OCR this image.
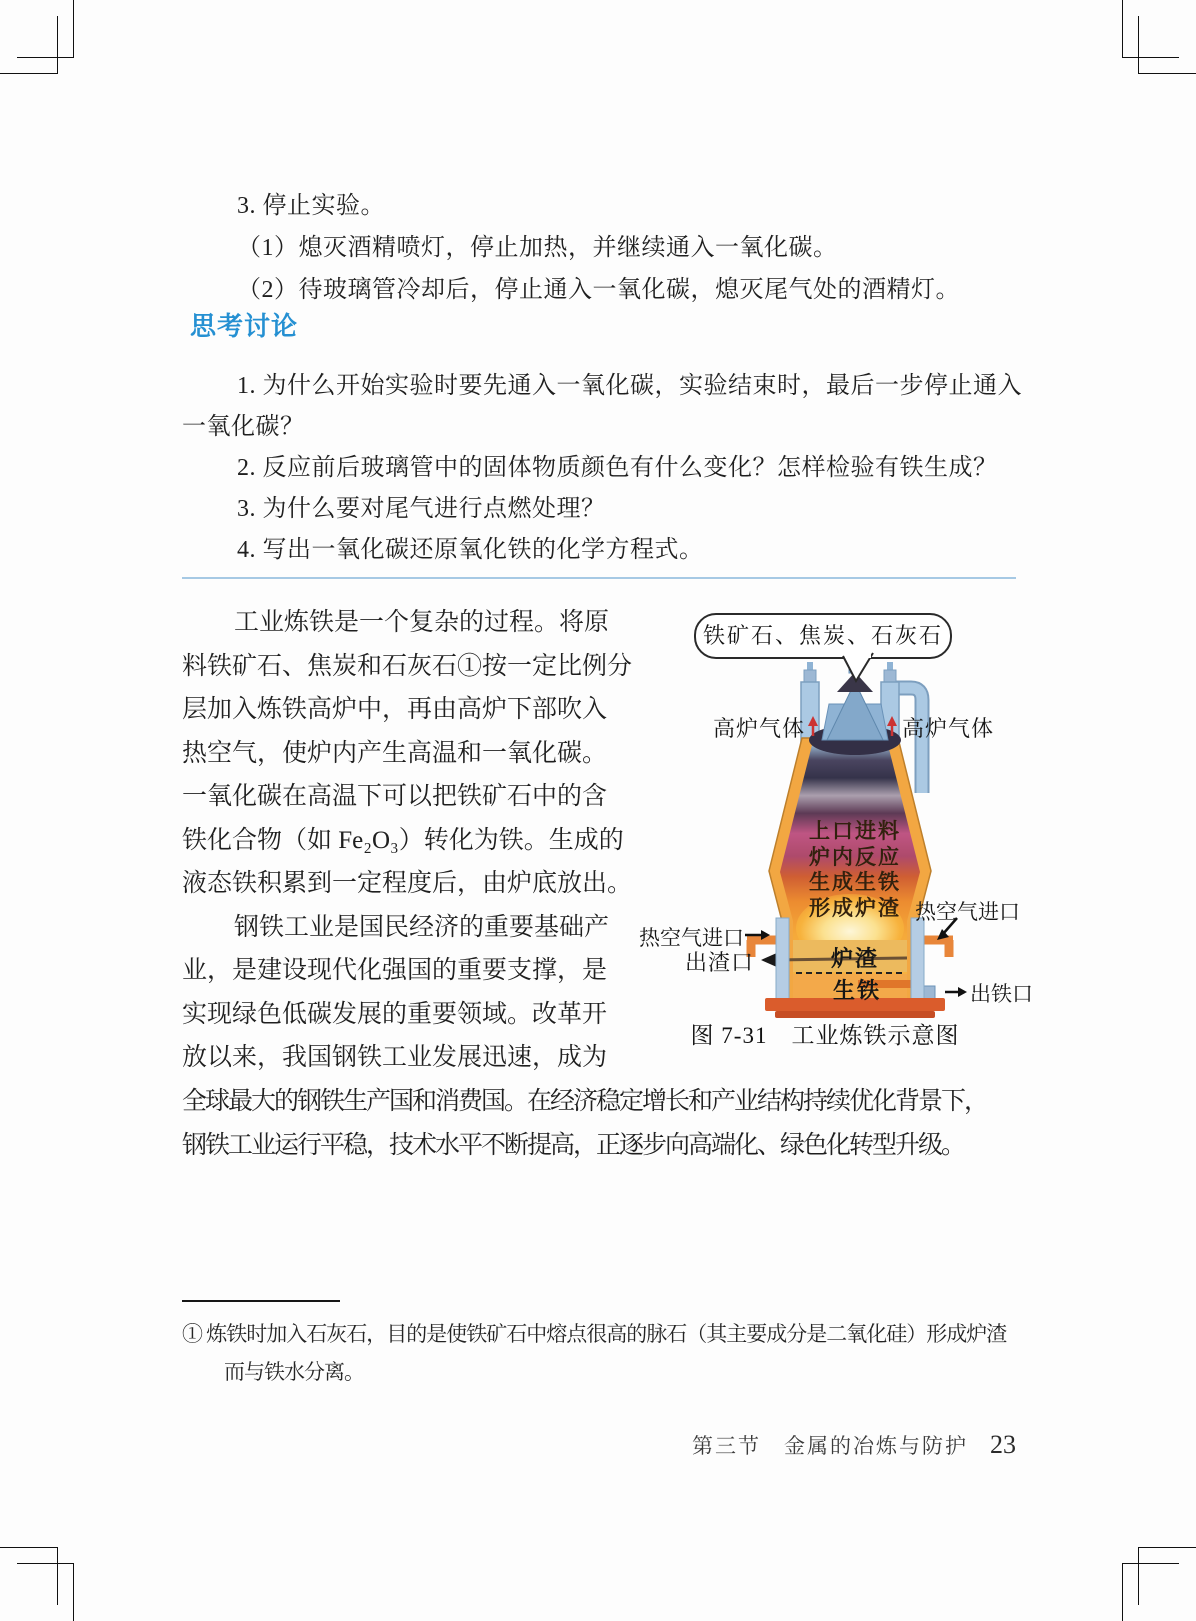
3. 停止实验。
（1）熄灭酒精喷灯，停止加热，并继续通入一氧化碳。
（2）待玻璃管冷却后，停止通入一氧化碳，熄灭尾气处的酒精灯。
思考讨论
1. 为什么开始实验时要先通入一氧化碳，实验结束时，最后一步停止通入
一氧化碳？
2. 反应前后玻璃管中的固体物质颜色有什么变化？怎样检验有铁生成？
3. 为什么要对尾气进行点燃处理？
4. 写出一氧化碳还原氧化铁的化学方程式。
工业炼铁是一个复杂的过程。将原
料铁矿石、焦炭和石灰石①按一定比例分
层加入炼铁高炉中，再由高炉下部吹入
热空气，使炉内产生高温和一氧化碳。
一氧化碳在高温下可以把铁矿石中的含
铁化合物（如 Fe₂O₃）转化为铁。生成的
液态铁积累到一定程度后，由炉底放出。
钢铁工业是国民经济的重要基础产
业，是建设现代化强国的重要支撑，是
实现绿色低碳发展的重要领域。改革开
放以来，我国钢铁工业发展迅速，成为
全球最大的钢铁生产国和消费国。在经济稳定增长和产业结构持续优化背景下，
钢铁工业运行平稳，技术水平不断提高，正逐步向高端化、绿色化转型升级。
铁矿石、焦炭、石灰石
高炉气体	高炉气体
上口进料
炉内反应
生成生铁
形成炉渣
热空气进口
热空气进口
出渣口	炉渣
生铁	出铁口
图 7-31　工业炼铁示意图
① 炼铁时加入石灰石，目的是使铁矿石中熔点很高的脉石（其主要成分是二氧化硅）形成炉渣
而与铁水分离。
第三节　金属的冶炼与防护 23
